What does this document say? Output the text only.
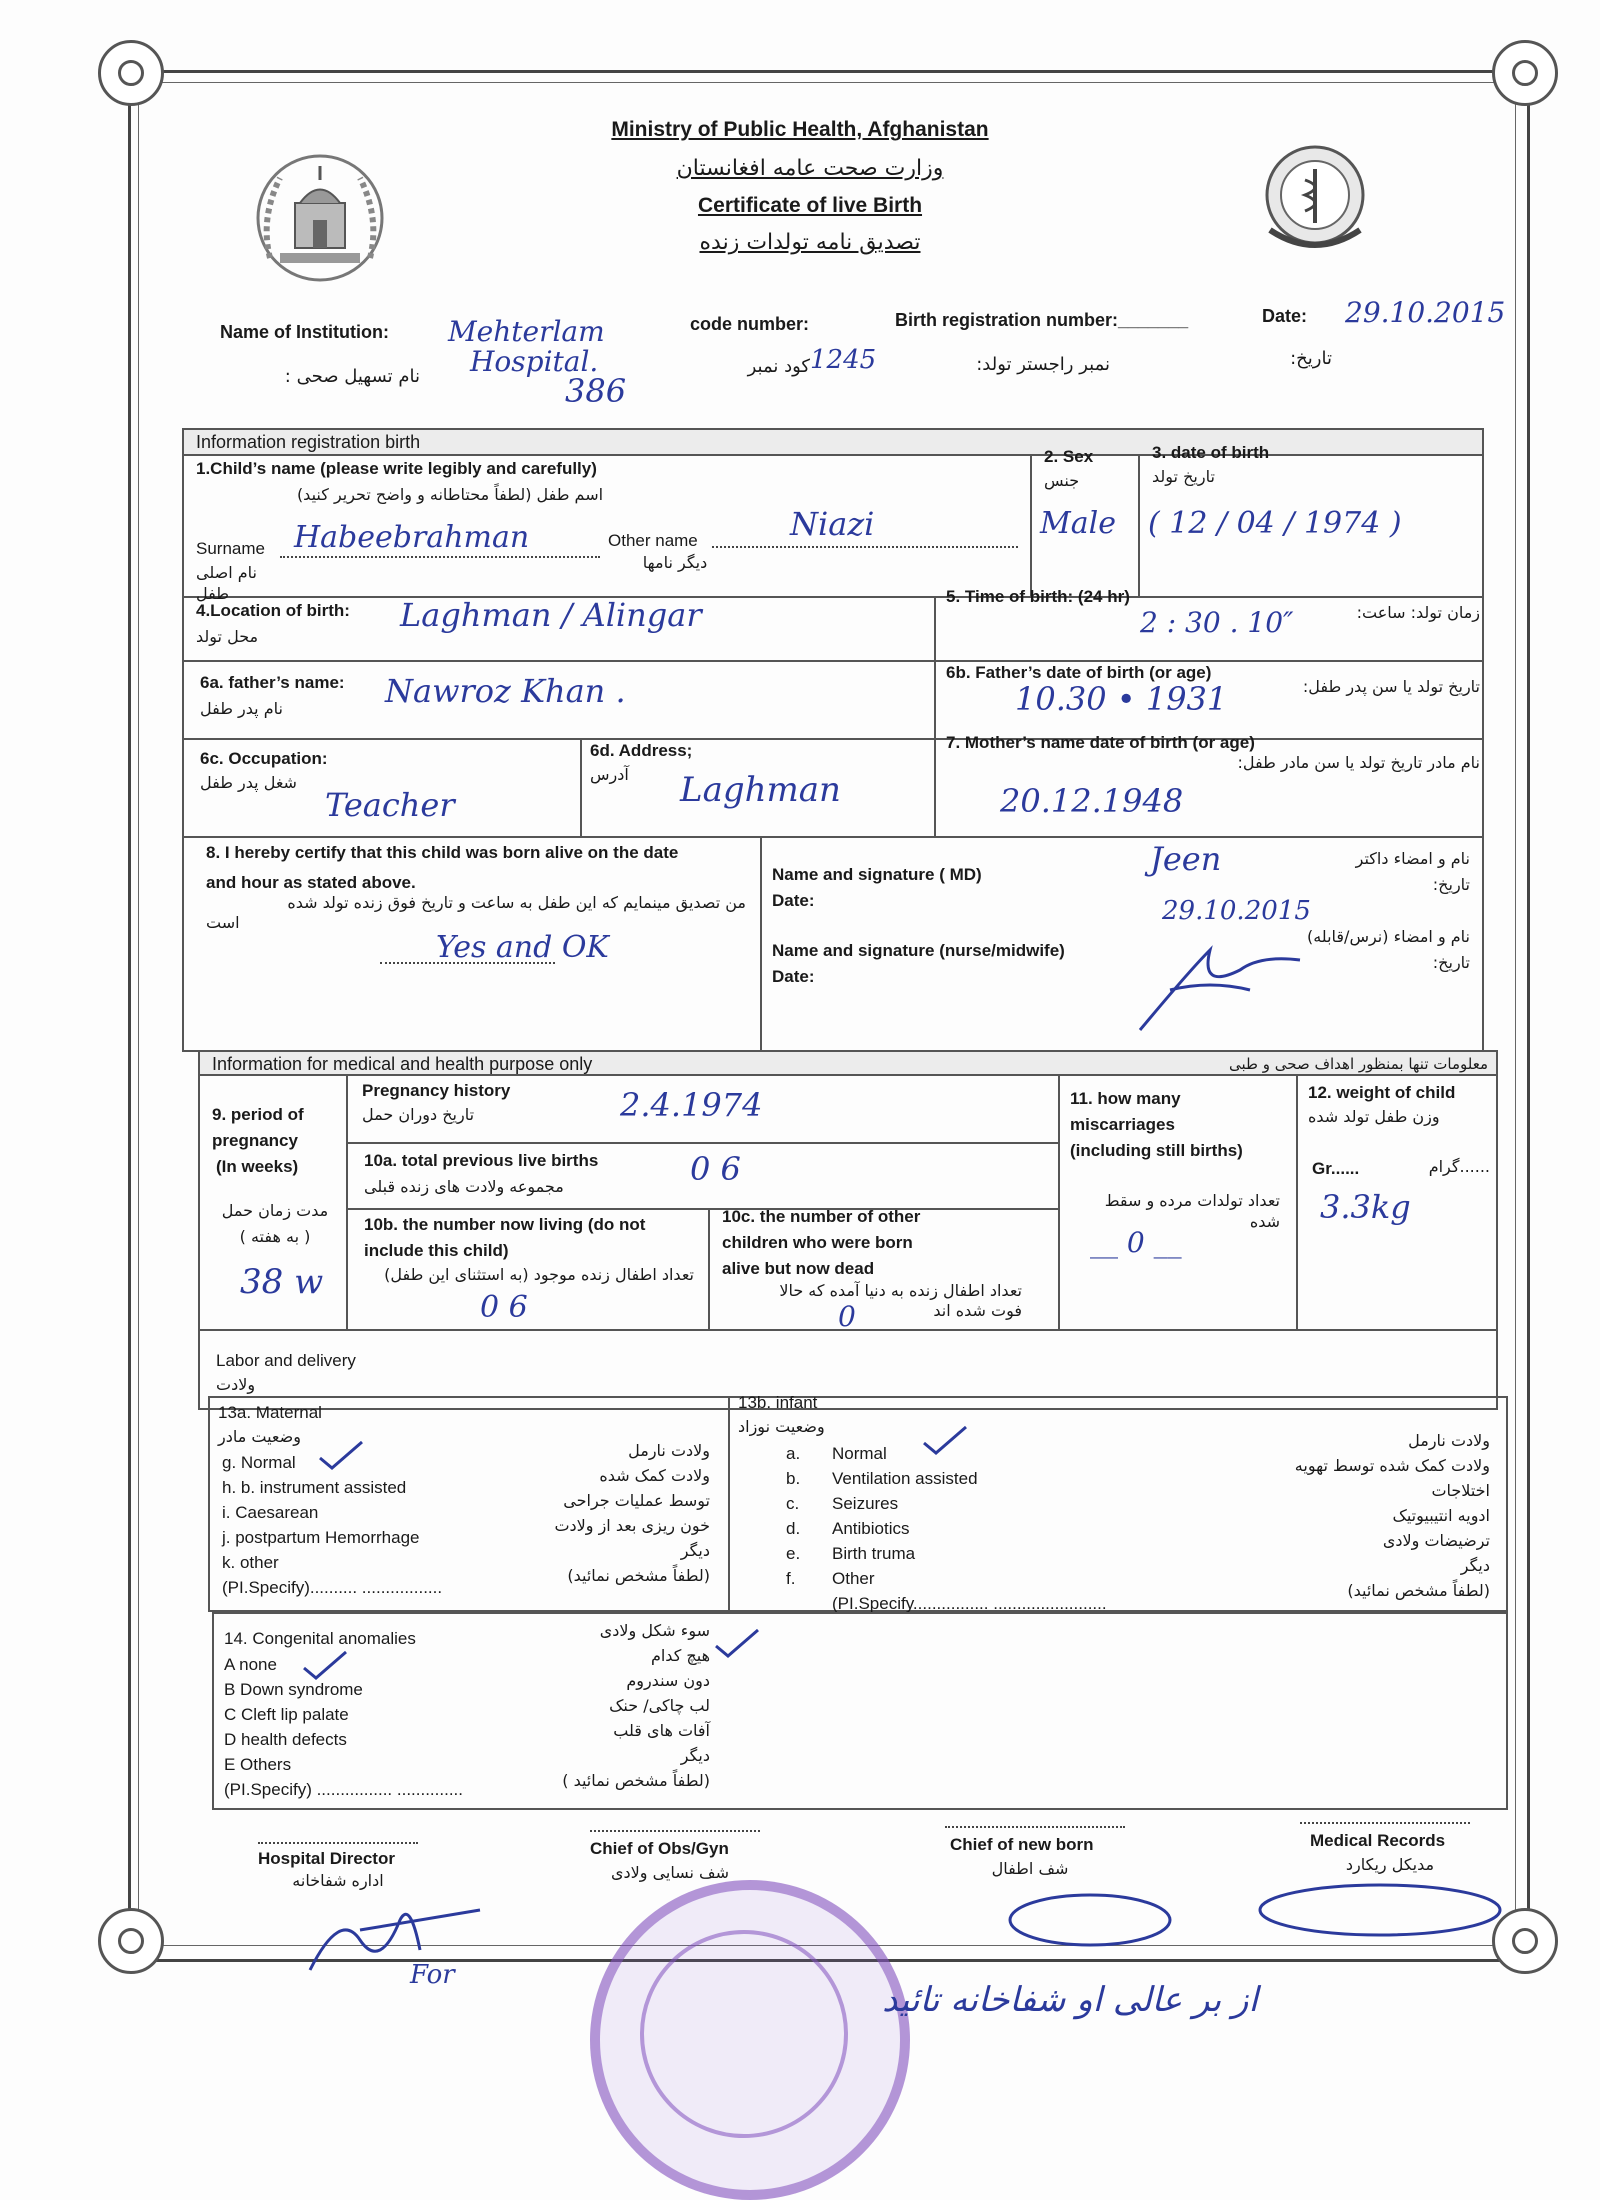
Ministry of Public Health, Afghanistan
وزارت صحت عامه افغانستان
Certificate of live Birth
تصدیق نامه تولدات زنده
Name of Institution:
نام تسهیل صحی :
Mehterlam
Hospital.
386
code number:
کود نمبر 1245
Birth registration number:_______
نمبر راجستر تولد:
Date:
تاریخ:
29.10.2015
Information registration birth
1.Child’s name (please write legibly and carefully)
اسم طفل (لطفاً محتاطانه و واضح تحریر کنید)
Surname Habeebrahman
نام اصلی طفل
Other name	Niazi
دیگر نامها
2. Sex
جنس
Male
3. date of birth
تاریخ تولد
( 12 / 04 / 1974 )
4.Location of birth:
محل تولد
Laghman / Alingar	5. Time of birth: (24 hr)
زمان تولد: ساعت:
2 : 30 . 10″
6a. father’s name:
نام پدر طفل	Nawroz Khan .	6b. Father’s date of birth (or age)
تاریخ تولد یا سن پدر طفل:
10.30 • 1931
6c. Occupation:
شغل پدر طفل
Teacher
6d. Address;
آدرس	Laghman
7. Mother’s name date of birth (or age)
نام مادر تاریخ تولد یا سن مادر طفل:
20.12.1948
8. I hereby certify that this child was born alive on the date
and hour as stated above.
من تصدیق مینمایم که این طفل به ساعت و تاریخ فوق زنده تولد شده
است
Yes and OK
Name and signature ( MD)
Date:
نام و امضاء داکتر
تاریخ:
Jeen
29.10.2015
Name and signature (nurse/midwife)
Date:
نام و امضاء (نرس/قابله)
تاریخ:
Information for medical and health purpose only	معلومات تنها بمنظور اهداف صحی و طبی
9. period of
pregnancy
(In weeks)
مدت زمان حمل
( به هفته )
38 w
Pregnancy history
تاریخ دوران حمل	2.4.1974
10a. total previous live births
مجموعه ولادت های زنده قبلی	0 6
10b. the number now living (do not
include this child)
تعداد اطفال زنده موجود (به استثنای این طفل)
0 6
10c. the number of other
children who were born
alive but now dead
تعداد اطفال زنده به دنیا آمده که حالا
فوت شده اند
0
11. how many
miscarriages
(including still births)
تعداد تولدات مرده و سقط شده
__ 0 __
12. weight of child
وزن طفل تولد شده
Gr......	......گرام
3.3kg
Labor and delivery
ولادت
13a. Maternal
وضعیت مادر
g. Normal
h. b. instrument assisted
i. Caesarean
j. postpartum Hemorrhage
k. other
(PI.Specify).......... .................
ولادت نارمل
ولادت کمک شده
توسط عملیات جراحی
خون ریزی بعد از ولادت
دیگر
(لطفاً مشخص نمائید)
13b. infant
وضعیت نوزاد
a.
b.
c.
d.
e.
f.
Normal
Ventilation assisted
Seizures
Antibiotics
Birth truma
Other
(PI.Specify................ ........................
ولادت نارمل
ولادت کمک شده توسط تهویه
اختلاجات
ادویه انتیبیوتیک
ترضیضات ولادی
دیگر
(لطفاً مشخص نمائید)
14. Congenital anomalies
A none
B Down syndrome
C Cleft lip palate
D health defects
E Others
(PI.Specify) ................ ..............
سوء شکل ولادی
هیچ کدام
دون سندروم
لب چاکی/ حنک
آفات های قلب
دیگر
(لطفاً مشخص نمائید )
Hospital Director
اداره شفاخانه
Chief of Obs/Gyn
شف نسایی ولادی
Chief of new born
شف اطفال
Medical Records
مدیکل ریکارد
For
از بر عالی او شفاخانه تائید
